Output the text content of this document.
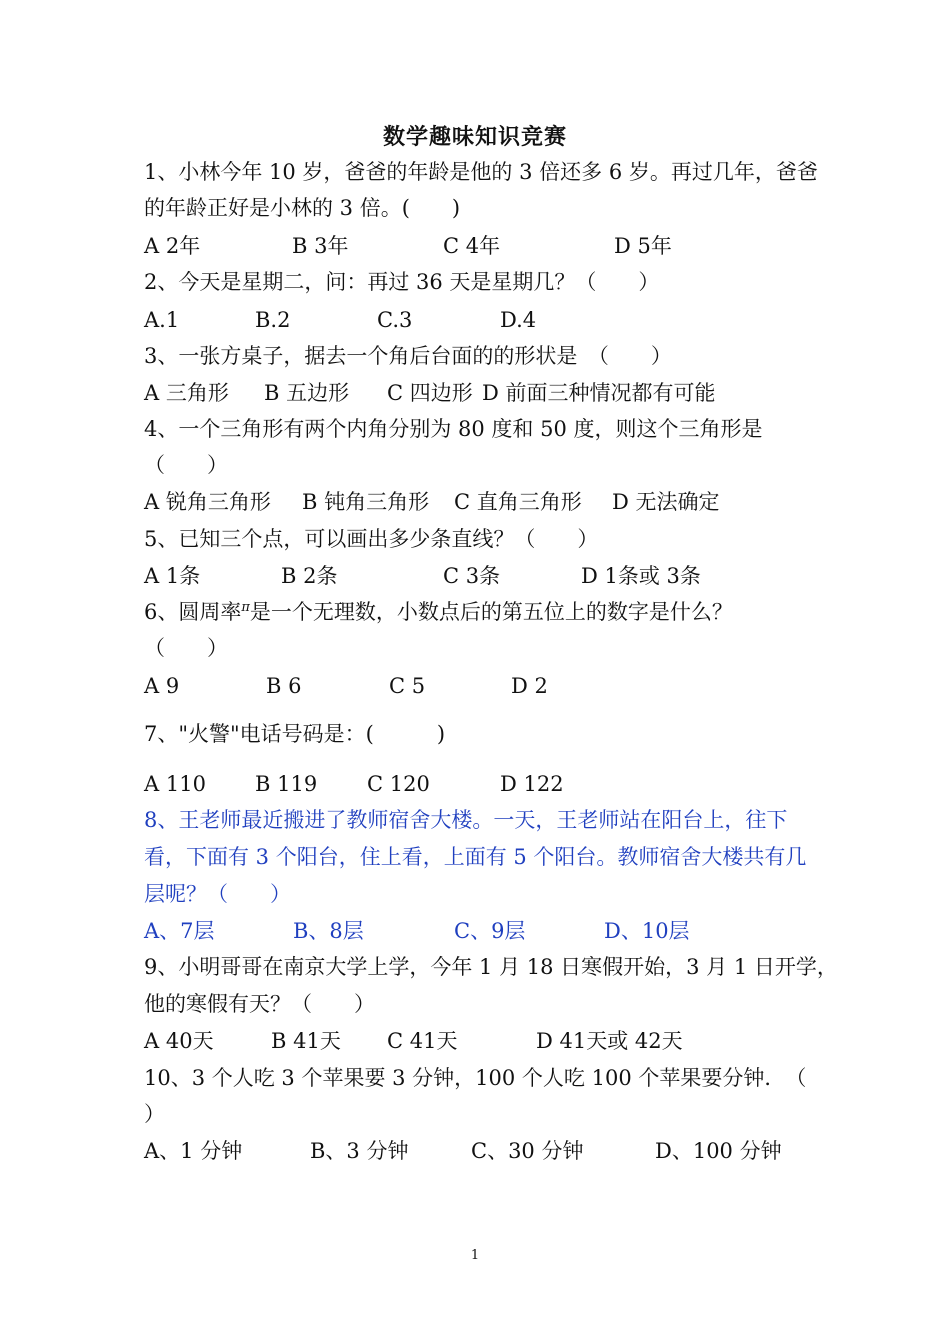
数学趣味知识竞赛
1、小林今年 10 岁，爸爸的年龄是他的 3 倍还多 6 岁。再过几年，爸爸
的年龄正好是小林的 3 倍。(　　)
A 2年	B 3年	C 4年	D 5年
2、今天是星期二，问：再过 36 天是星期几？（　　）
A.1	B.2	C.3	D.4
3、一张方桌子，据去一个角后台面的的形状是　（　　）
A 三角形 B 五边形 C 四边形 D 前面三种情况都有可能
4、一个三角形有两个内角分别为 80 度和 50 度，则这个三角形是
（　　）
A 锐角三角形 B 钝角三角形 C 直角三角形 D 无法确定
5、已知三个点，可以画出多少条直线？（　　）
A 1条	B 2条	C 3条	D 1条或 3条
6、圆周率$^\pi$是一个无理数，小数点后的第五位上的数字是什么？
（　　）
A 9	B 6	C 5	D 2
7、"火警"电话号码是：(　　　)
A 110 B 119 C 120	D 122
8、王老师最近搬进了教师宿舍大楼。一天，王老师站在阳台上，往下
看，下面有 3 个阳台，住上看，上面有 5 个阳台。教师宿舍大楼共有几
层呢？（　　）
A、7层	B、8层	C、9层	D、10层
9、小明哥哥在南京大学上学，今年 1 月 18 日寒假开始，3 月 1 日开学，
他的寒假有天？（　　）
A 40天	B 41天 C 41天	D 41天或 42天
10、3 个人吃 3 个苹果要 3 分钟，100 个人吃 100 个苹果要分钟．　（
）
A、1 分钟	B、3 分钟	C、30 分钟	D、100 分钟
1
